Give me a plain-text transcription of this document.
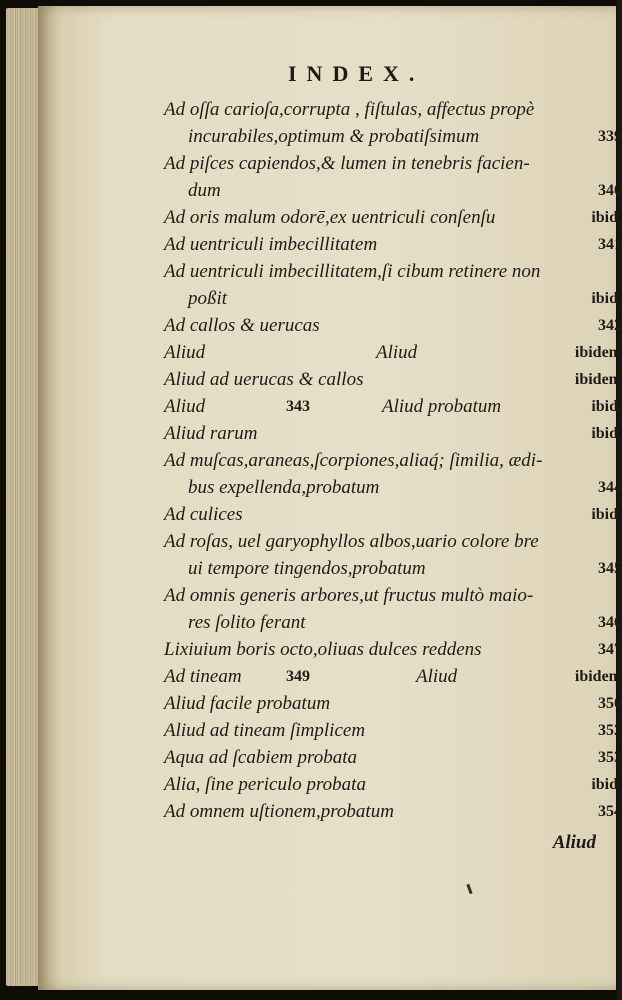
INDEX.
Ad oſſa carioſa,corrupta , fiſtulas, affectus propè
incurabiles,optimum & probatiſsimum	339
Ad piſces capiendos,& lumen in tenebris facien-
dum	340
Ad oris malum odorē,ex uentriculi conſenſu	ibid.
Ad uentriculi imbecillitatem	341
Ad uentriculi imbecillitatem,ſi cibum retinere non
poßit	ibid.
Ad callos & uerucas	342
Aliud	Aliud	ibidem
Aliud ad uerucas & callos	ibidem
Aliud	343	Aliud probatum	ibid.
Aliud rarum	ibid.
Ad muſcas,araneas,ſcorpiones,aliaq́; ſimilia, ædi-
bus expellenda,probatum	344
Ad culices	ibid.
Ad roſas, uel garyophyllos albos,uario colore bre
ui tempore tingendos,probatum	345
Ad omnis generis arbores,ut fructus multò maio-
res ſolito ferant	346
Lixiuium boris octo,oliuas dulces reddens	347
Ad tineam	349	Aliud	ibidem
Aliud facile probatum	350
Aliud ad tineam ſimplicem	352
Aqua ad ſcabiem probata	353
Alia, ſine periculo probata	ibid.
Ad omnem uſtionem,probatum	354
Aliud
